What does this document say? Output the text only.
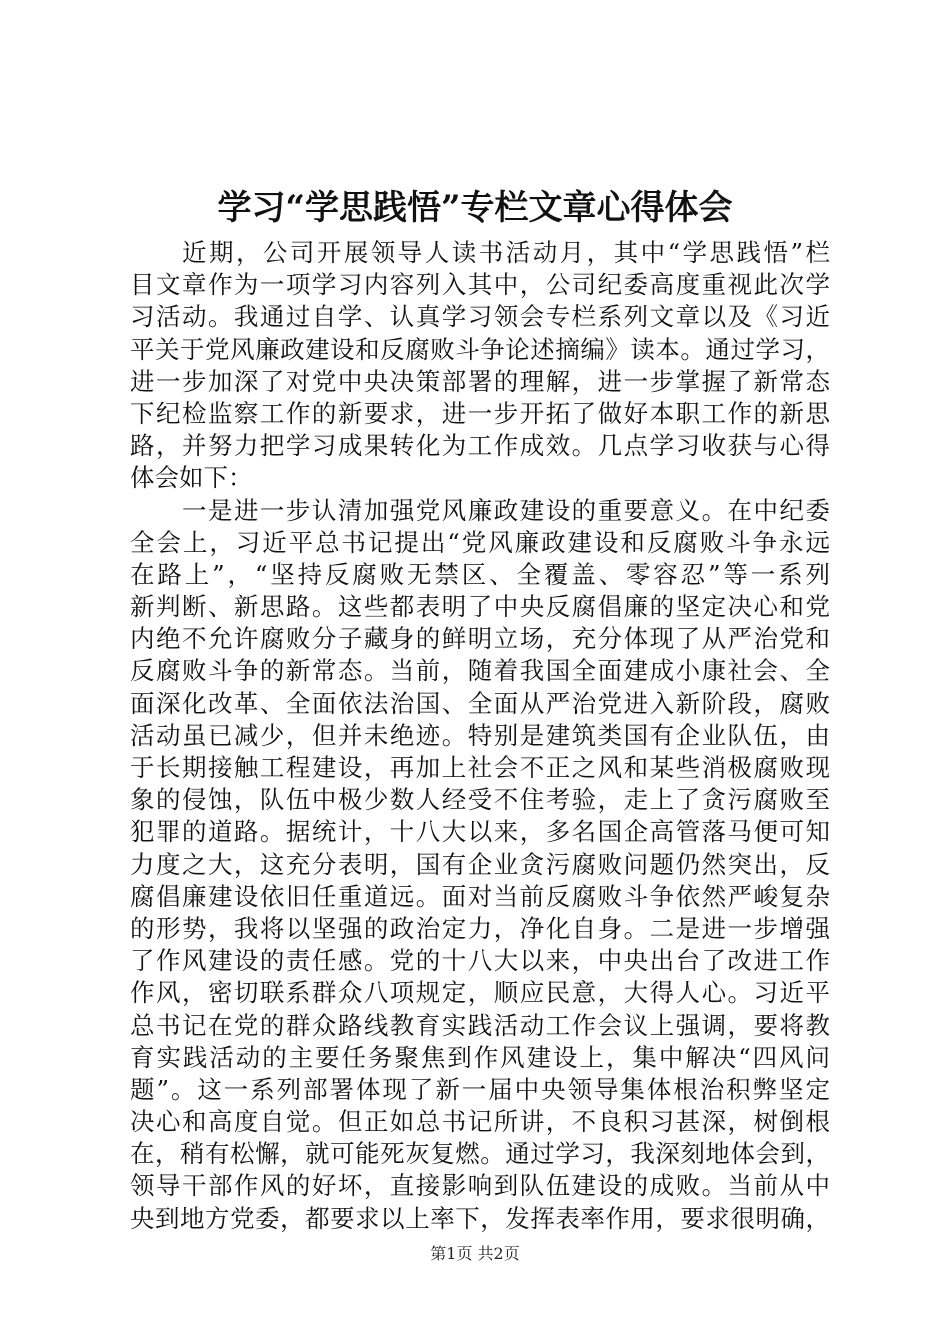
学习“学思践悟”专栏文章心得体会
近期，公司开展领导人读书活动月，其中“学思践悟”栏
目文章作为一项学习内容列入其中，公司纪委高度重视此次学
习活动。我通过自学、认真学习领会专栏系列文章以及《习近
平关于党风廉政建设和反腐败斗争论述摘编》读本。通过学习，
进一步加深了对党中央决策部署的理解，进一步掌握了新常态
下纪检监察工作的新要求，进一步开拓了做好本职工作的新思
路，并努力把学习成果转化为工作成效。几点学习收获与心得
体会如下：
一是进一步认清加强党风廉政建设的重要意义。在中纪委
全会上，习近平总书记提出“党风廉政建设和反腐败斗争永远
在路上”，“坚持反腐败无禁区、全覆盖、零容忍”等一系列
新判断、新思路。这些都表明了中央反腐倡廉的坚定决心和党
内绝不允许腐败分子藏身的鲜明立场，充分体现了从严治党和
反腐败斗争的新常态。当前，随着我国全面建成小康社会、全
面深化改革、全面依法治国、全面从严治党进入新阶段，腐败
活动虽已减少，但并未绝迹。特别是建筑类国有企业队伍，由
于长期接触工程建设，再加上社会不正之风和某些消极腐败现
象的侵蚀，队伍中极少数人经受不住考验，走上了贪污腐败至
犯罪的道路。据统计，十八大以来，多名国企高管落马便可知
力度之大，这充分表明，国有企业贪污腐败问题仍然突出，反
腐倡廉建设依旧任重道远。面对当前反腐败斗争依然严峻复杂
的形势，我将以坚强的政治定力，净化自身。二是进一步增强
了作风建设的责任感。党的十八大以来，中央出台了改进工作
作风，密切联系群众八项规定，顺应民意，大得人心。习近平
总书记在党的群众路线教育实践活动工作会议上强调，要将教
育实践活动的主要任务聚焦到作风建设上，集中解决“四风问
题”。这一系列部署体现了新一届中央领导集体根治积弊坚定
决心和高度自觉。但正如总书记所讲，不良积习甚深，树倒根
在，稍有松懈，就可能死灰复燃。通过学习，我深刻地体会到，
领导干部作风的好坏，直接影响到队伍建设的成败。当前从中
央到地方党委，都要求以上率下，发挥表率作用，要求很明确，
第1页 共2页
